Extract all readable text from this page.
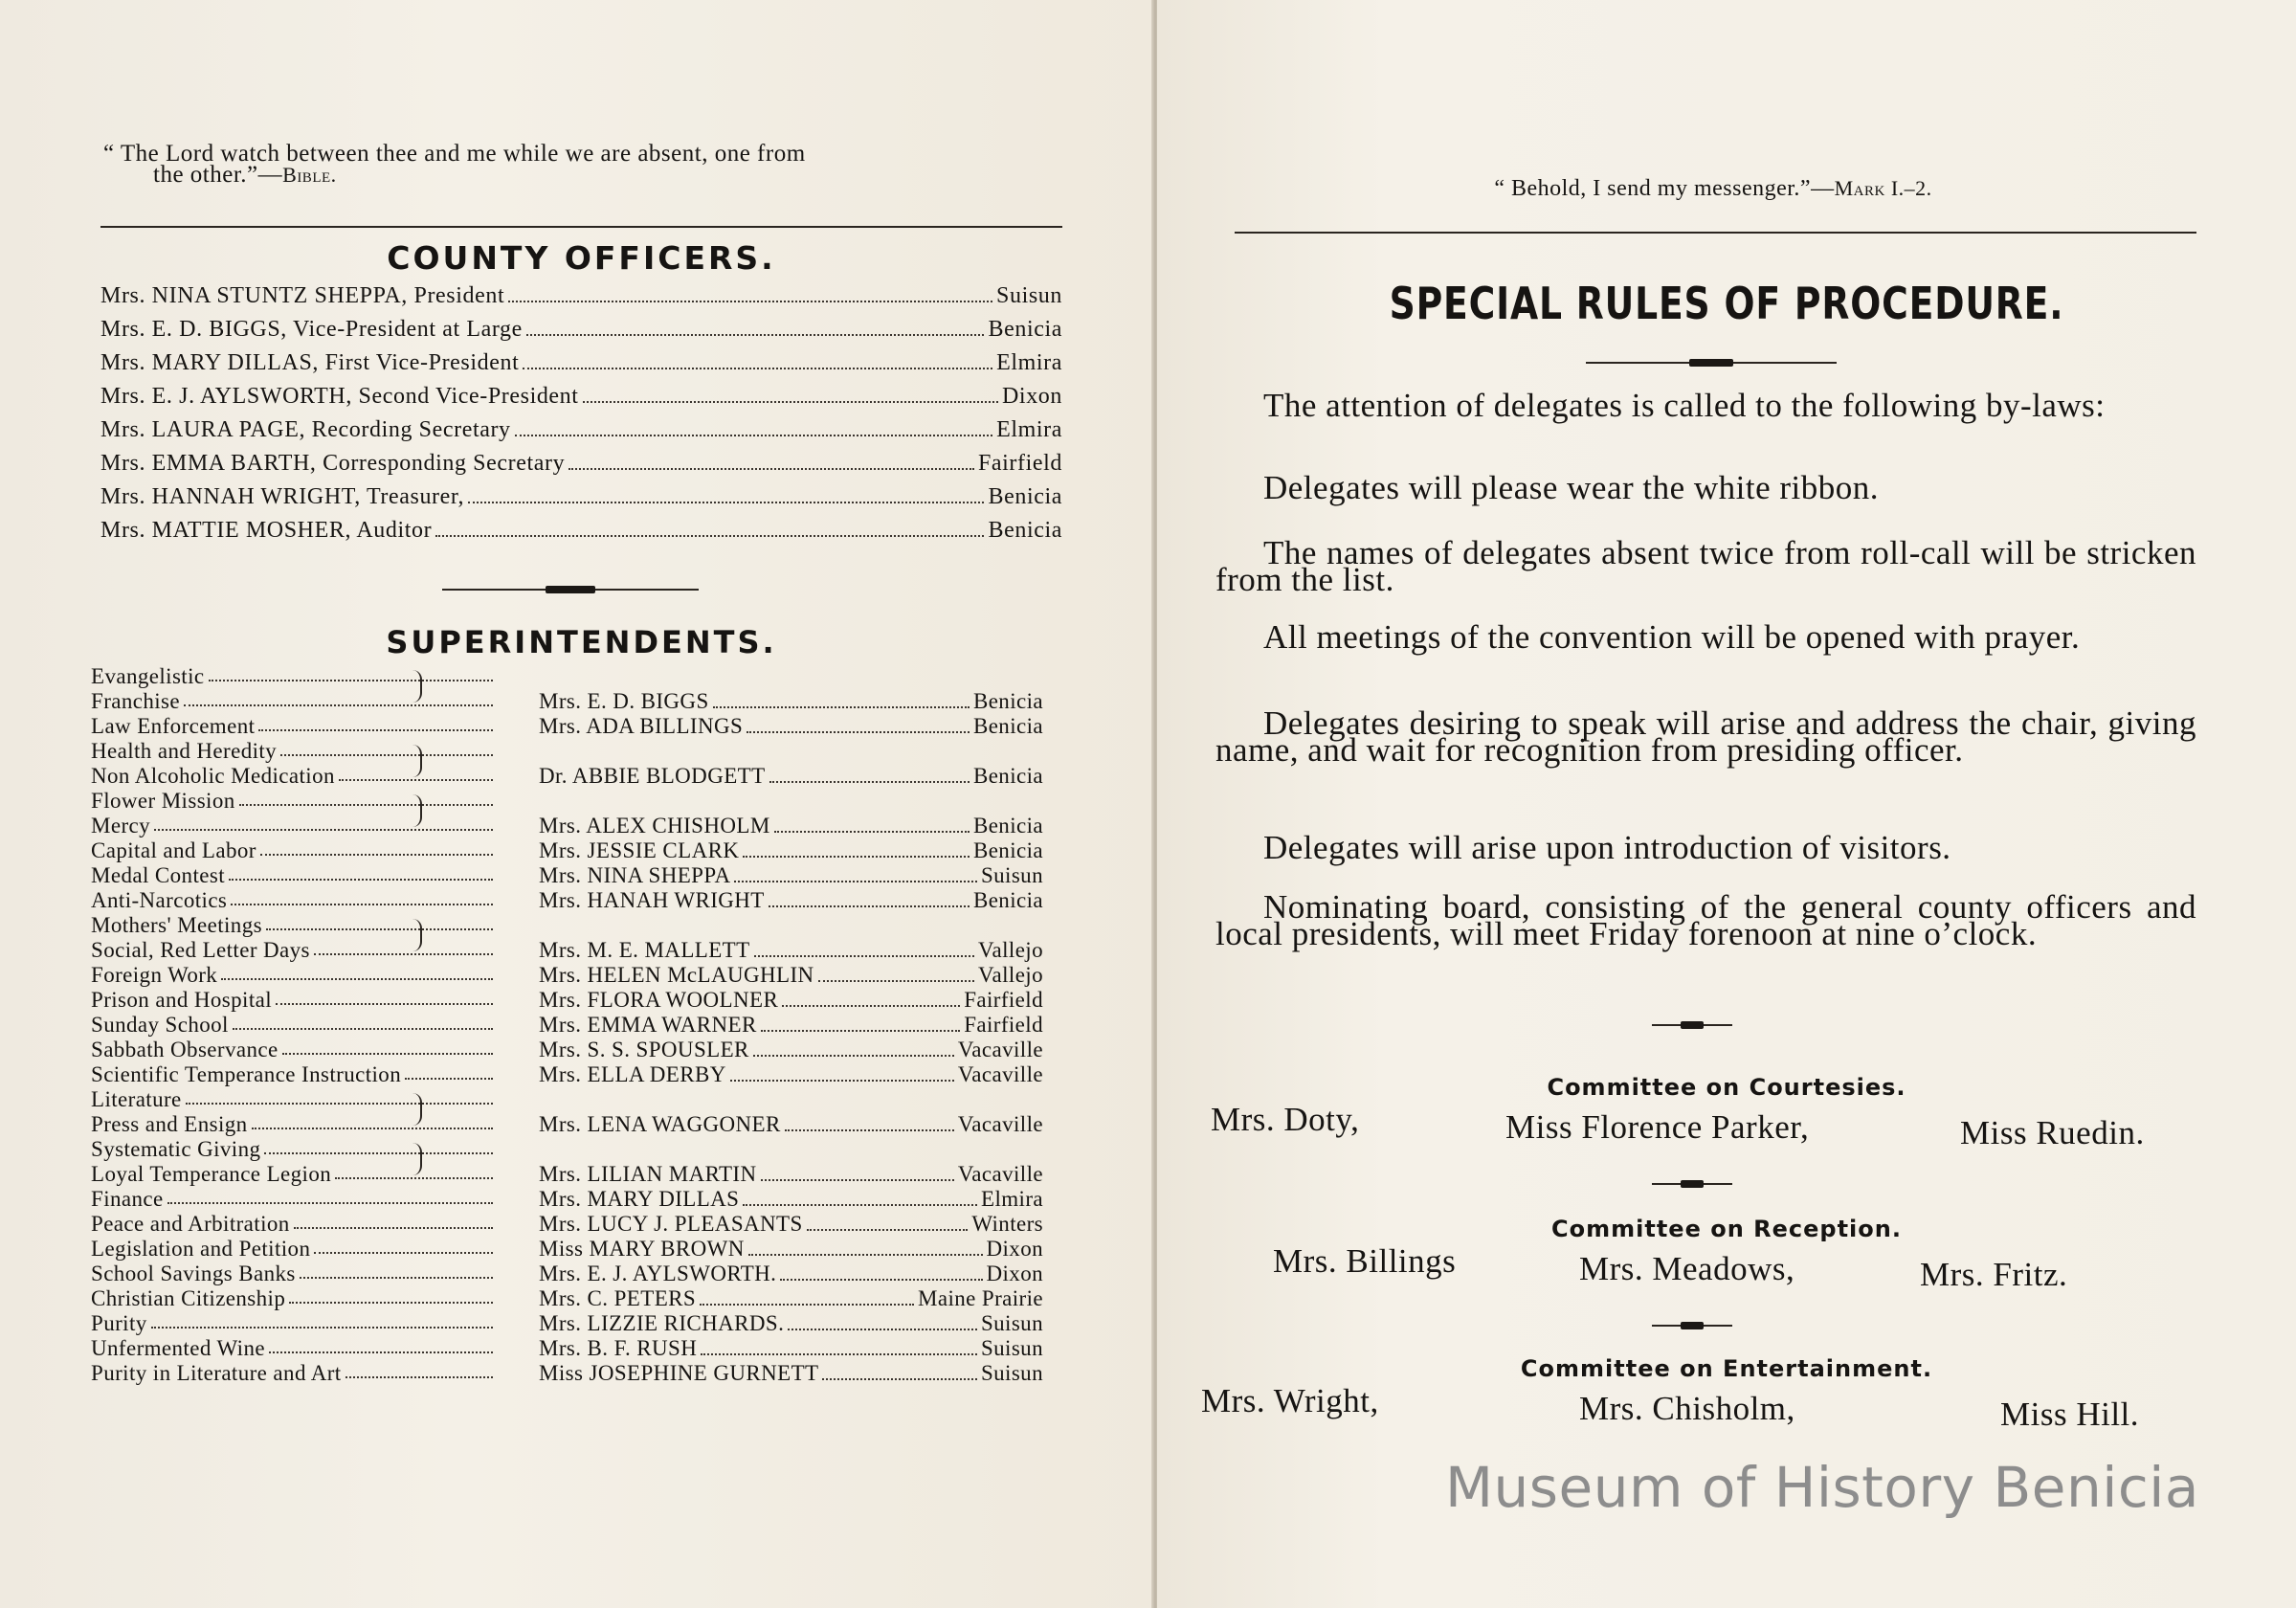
“ The Lord watch between thee and me while we are absent, one from
the other.”—Bible.
COUNTY OFFICERS.
Mrs. NINA STUNTZ SHEPPA, President	Suisun
Mrs. E. D. BIGGS, Vice-President at Large	Benicia
Mrs. MARY DILLAS, First Vice-President	Elmira
Mrs. E. J. AYLSWORTH, Second Vice-President	Dixon
Mrs. LAURA PAGE, Recording Secretary	Elmira
Mrs. EMMA BARTH, Corresponding Secretary	Fairfield
Mrs. HANNAH WRIGHT, Treasurer,	Benicia
Mrs. MATTIE MOSHER, Auditor	Benicia
SUPERINTENDENTS.
Evangelistic
Franchise	Mrs. E. D. BIGGS	Benicia
Law Enforcement	Mrs. ADA BILLINGS	Benicia
Health and Heredity
Non Alcoholic Medication	Dr. ABBIE BLODGETT	Benicia
Flower Mission
Mercy	Mrs. ALEX CHISHOLM	Benicia
Capital and Labor	Mrs. JESSIE CLARK	Benicia
Medal Contest	Mrs. NINA SHEPPA	Suisun
Anti-Narcotics	Mrs. HANAH WRIGHT	Benicia
Mothers' Meetings
Social, Red Letter Days	Mrs. M. E. MALLETT	Vallejo
Foreign Work	Mrs. HELEN McLAUGHLIN	Vallejo
Prison and Hospital	Mrs. FLORA WOOLNER	Fairfield
Sunday School	Mrs. EMMA WARNER	Fairfield
Sabbath Observance	Mrs. S. S. SPOUSLER	Vacaville
Scientific Temperance Instruction	Mrs. ELLA DERBY	Vacaville
Literature
Press and Ensign	Mrs. LENA WAGGONER	Vacaville
Systematic Giving
Loyal Temperance Legion	Mrs. LILIAN MARTIN	Vacaville
Finance	Mrs. MARY DILLAS	Elmira
Peace and Arbitration	Mrs. LUCY J. PLEASANTS	Winters
Legislation and Petition	Miss MARY BROWN	Dixon
School Savings Banks	Mrs. E. J. AYLSWORTH.	Dixon
Christian Citizenship	Mrs. C. PETERS	Maine Prairie
Purity	Mrs. LIZZIE RICHARDS.	Suisun
Unfermented Wine	Mrs. B. F. RUSH	Suisun
Purity in Literature and Art	Miss JOSEPHINE GURNETT	Suisun
“ Behold, I send my messenger.”—Mark I.–2.
SPECIAL RULES OF PROCEDURE.
The attention of delegates is called to the following by-laws:
Delegates will please wear the white ribbon.
The names of delegates absent twice from roll-call will be stricken from the list.
All meetings of the convention will be opened with prayer.
Delegates desiring to speak will arise and address the chair, giving name, and wait for recognition from presiding officer.
Delegates will arise upon introduction of visitors.
Nominating board, consisting of the general county officers and local presidents, will meet Friday forenoon at nine o’clock.
Committee on Courtesies.
Mrs. Doty,	Miss Florence Parker,	Miss Ruedin.
Committee on Reception.
Mrs. Billings	Mrs. Meadows,	Mrs. Fritz.
Committee on Entertainment.
Mrs. Wright,	Mrs. Chisholm,	Miss Hill.
Museum of History Benicia
